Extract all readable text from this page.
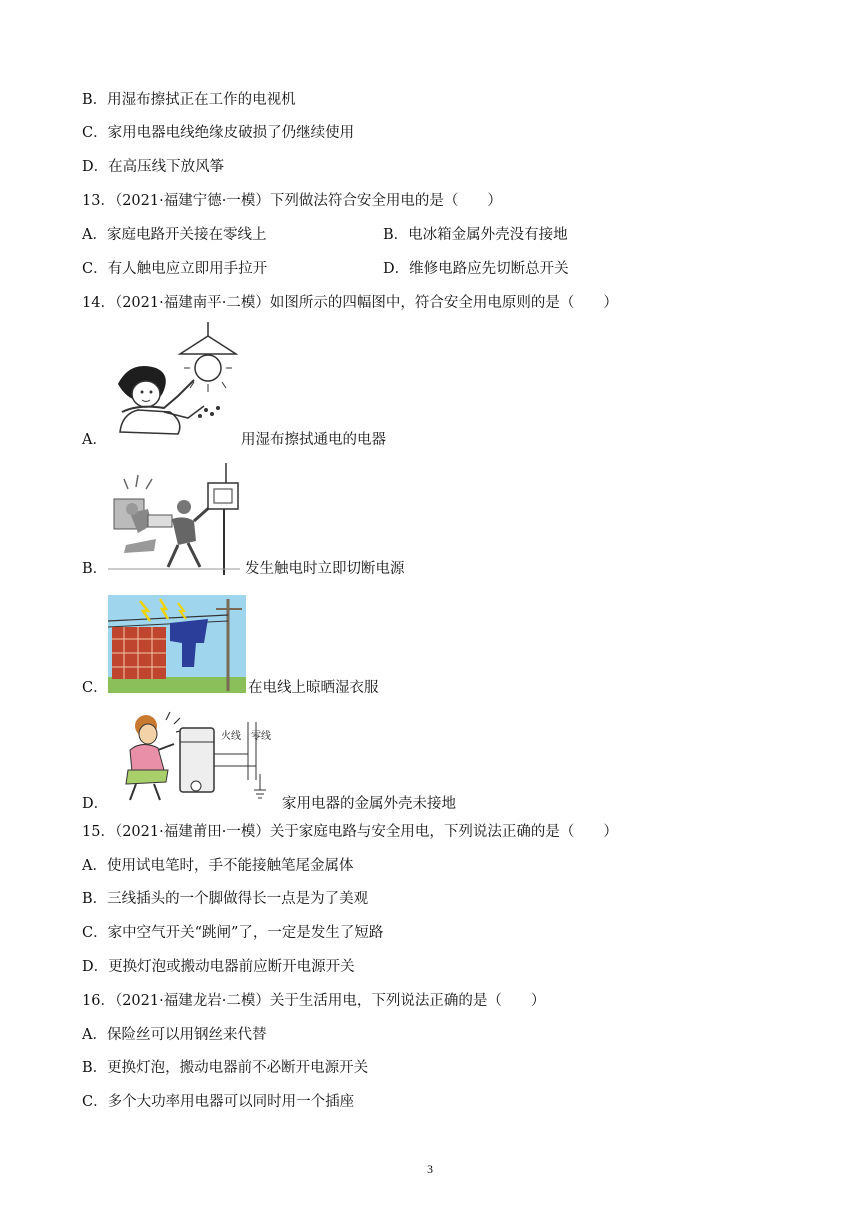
B．用湿布擦拭正在工作的电视机
C．家用电器电线绝缘皮破损了仍继续使用
D．在高压线下放风筝
13．（2021·福建宁德·一模）下列做法符合安全用电的是（　　）
A．家庭电路开关接在零线上	B．电冰箱金属外壳没有接地
C．有人触电应立即用手拉开	D．维修电路应先切断总开关
14．（2021·福建南平·二模）如图所示的四幅图中，符合安全用电原则的是（　　）
A．	用湿布擦拭通电的电器
B．	发生触电时立即切断电源
C．	在电线上晾晒湿衣服
D．
火线 零线
家用电器的金属外壳未接地
15．（2021·福建莆田·一模）关于家庭电路与安全用电，下列说法正确的是（　　）
A．使用试电笔时，手不能接触笔尾金属体
B．三线插头的一个脚做得长一点是为了美观
C．家中空气开关“跳闸”了，一定是发生了短路
D．更换灯泡或搬动电器前应断开电源开关
16．（2021·福建龙岩·二模）关于生活用电，下列说法正确的是（　　）
A．保险丝可以用钢丝来代替
B．更换灯泡，搬动电器前不必断开电源开关
C．多个大功率用电器可以同时用一个插座
3
